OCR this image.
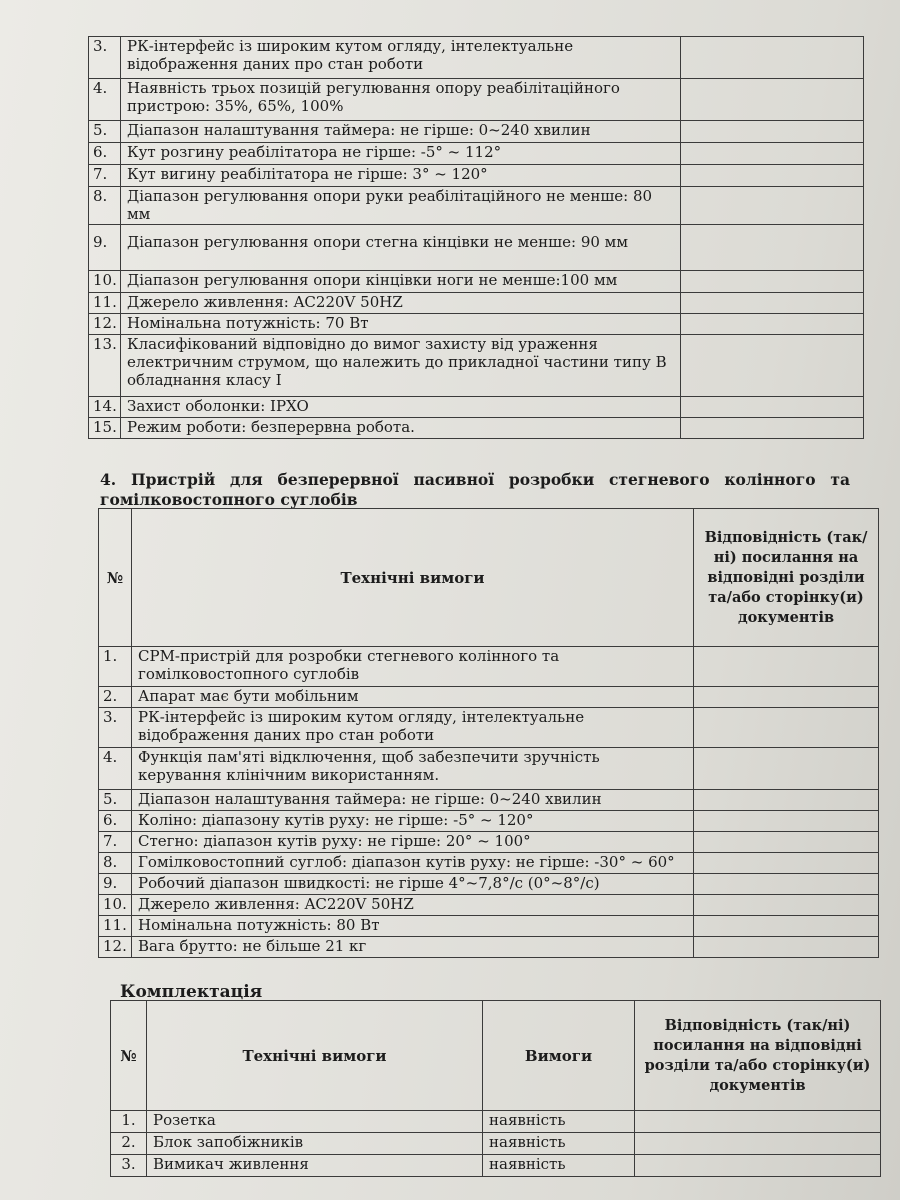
3.	РК-інтерфейс із широким кутом огляду, інтелектуальне відображення даних про стан роботи	
4.	Наявність трьох позицій регулювання опору реабілітаційного пристрою: 35%, 65%, 100%	
5.	Діапазон налаштування таймера: не гірше: 0~240 хвилин	
6.	Кут розгину реабілітатора не гірше: -5° ~ 112°	
7.	Кут вигину реабілітатора не гірше: 3° ~ 120°	
8.	Діапазон регулювання опори руки реабілітаційного не менше: 80 мм	
9.	Діапазон регулювання опори стегна кінцівки не менше: 90 мм	
10.	Діапазон регулювання опори кінцівки ноги не менше:100 мм	
11.	Джерело живлення: AC220V 50HZ	
12.	Номінальна потужність: 70 Вт	
13.	Класифікований відповідно до вимог захисту від ураження електричним струмом, що належить до прикладної частини типу B обладнання класу I	
14.	Захист оболонки: IPXO	
15.	Режим роботи: безперервна робота.	
4. Пристрій для безперервної пасивної розробки стегневого колінного та гомілковостопного суглобів
№	Технічні вимоги	Відповідність (так/ні) посилання на відповідні розділи та/або сторінку(и) документів
1.	СРМ-пристрій для розробки стегневого колінного та гомілковостопного суглобів	
2.	Апарат має бути мобільним	
3.	РК-інтерфейс із широким кутом огляду, інтелектуальне відображення даних про стан роботи	
4.	Функція пам'яті відключення, щоб забезпечити зручність керування клінічним використанням.	
5.	Діапазон налаштування таймера: не гірше: 0~240 хвилин	
6.	Коліно: діапазону кутів руху: не гірше: -5° ~ 120°	
7.	Стегно: діапазон кутів руху: не гірше: 20° ~ 100°	
8.	Гомілковостопний суглоб: діапазон кутів руху: не гірше: -30° ~ 60°	
9.	Робочий діапазон швидкості: не гірше 4°~7,8°/c (0°~8°/c)	
10.	Джерело живлення: AC220V 50HZ	
11.	Номінальна потужність: 80 Вт	
12.	Вага брутто: не більше 21 кг	
Комплектація
№	Технічні вимоги	Вимоги	Відповідність (так/ні) посилання на відповідні розділи та/або сторінку(и) документів
1.	Розетка	наявність	
2.	Блок запобіжників	наявність	
3.	Вимикач живлення	наявність	
